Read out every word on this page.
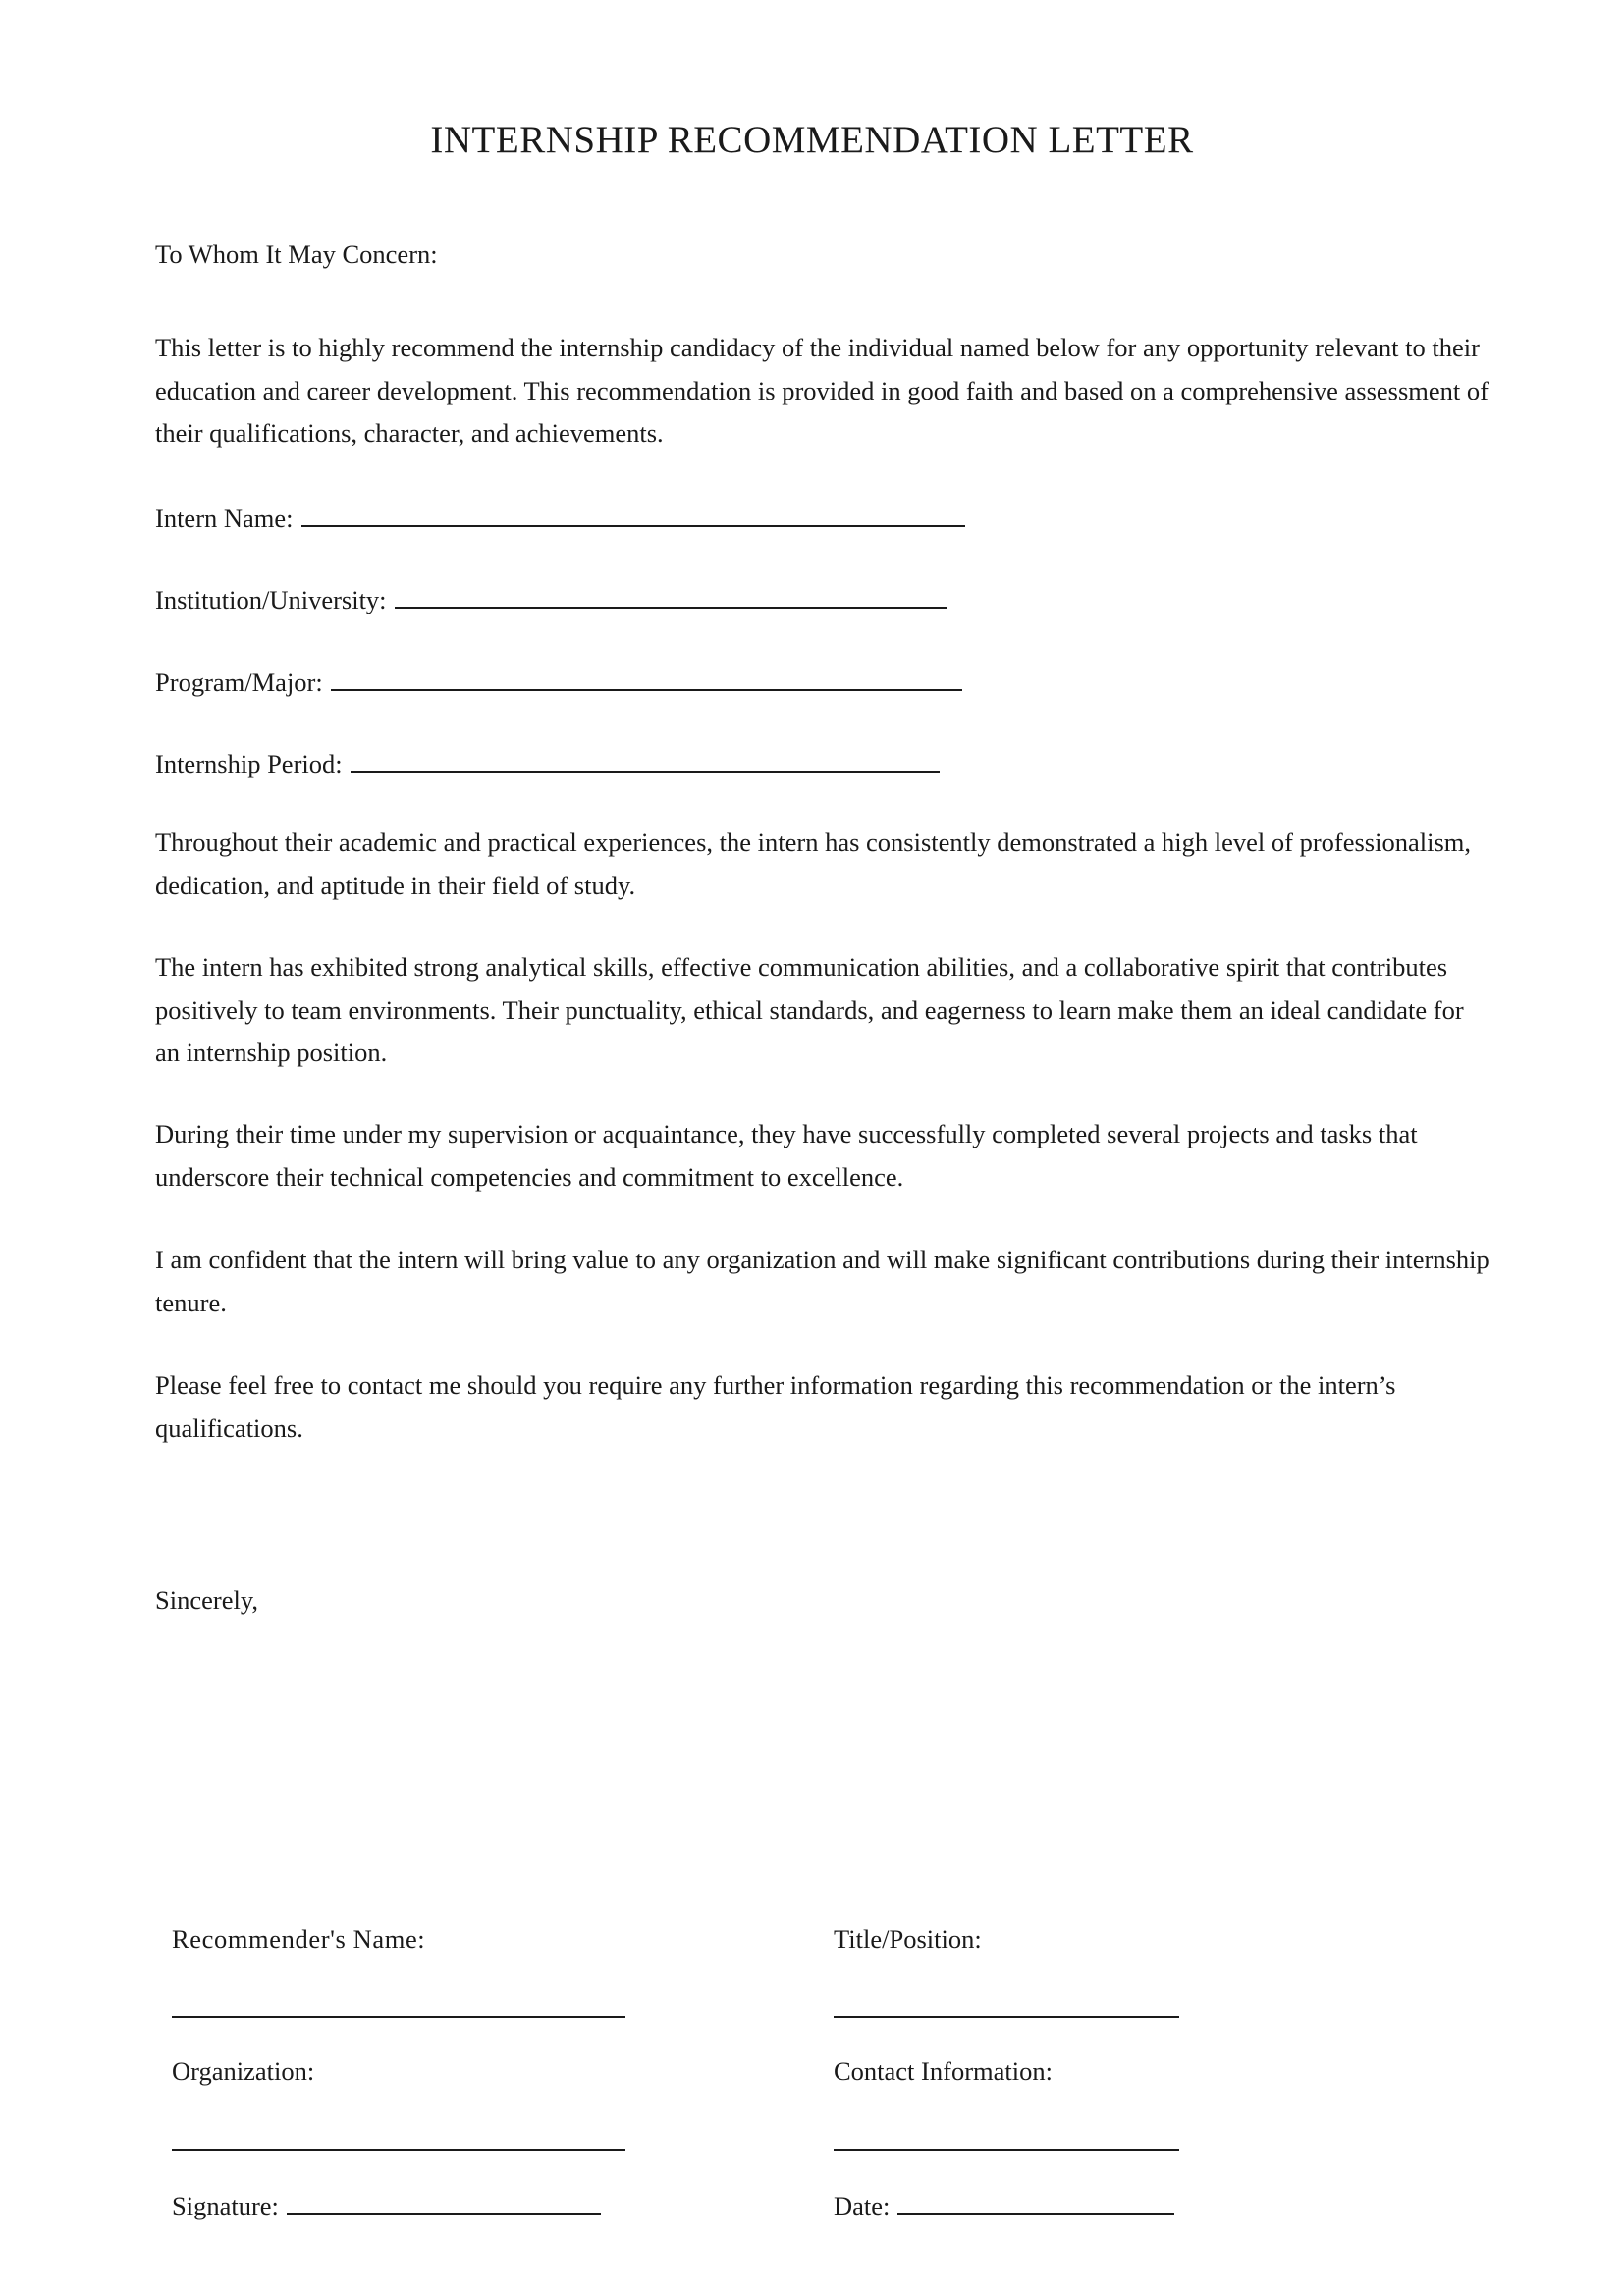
INTERNSHIP RECOMMENDATION LETTER

To Whom It May Concern:

This letter is to highly recommend the internship candidacy of the individual named below for any opportunity relevant to their education and career development. This recommendation is provided in good faith and based on a comprehensive assessment of their qualifications, character, and achievements.

Intern Name:
Institution/University:
Program/Major:
Internship Period:

Throughout their academic and practical experiences, the intern has consistently demonstrated a high level of professionalism, dedication, and aptitude in their field of study.

The intern has exhibited strong analytical skills, effective communication abilities, and a collaborative spirit that contributes positively to team environments. Their punctuality, ethical standards, and eagerness to learn make them an ideal candidate for an internship position.

During their time under my supervision or acquaintance, they have successfully completed several projects and tasks that underscore their technical competencies and commitment to excellence.

I am confident that the intern will bring value to any organization and will make significant contributions during their internship tenure.

Please feel free to contact me should you require any further information regarding this recommendation or the intern’s qualifications.

Sincerely,

Recommender's Name:	Title/Position:
Organization:	Contact Information:
Signature:	Date:
